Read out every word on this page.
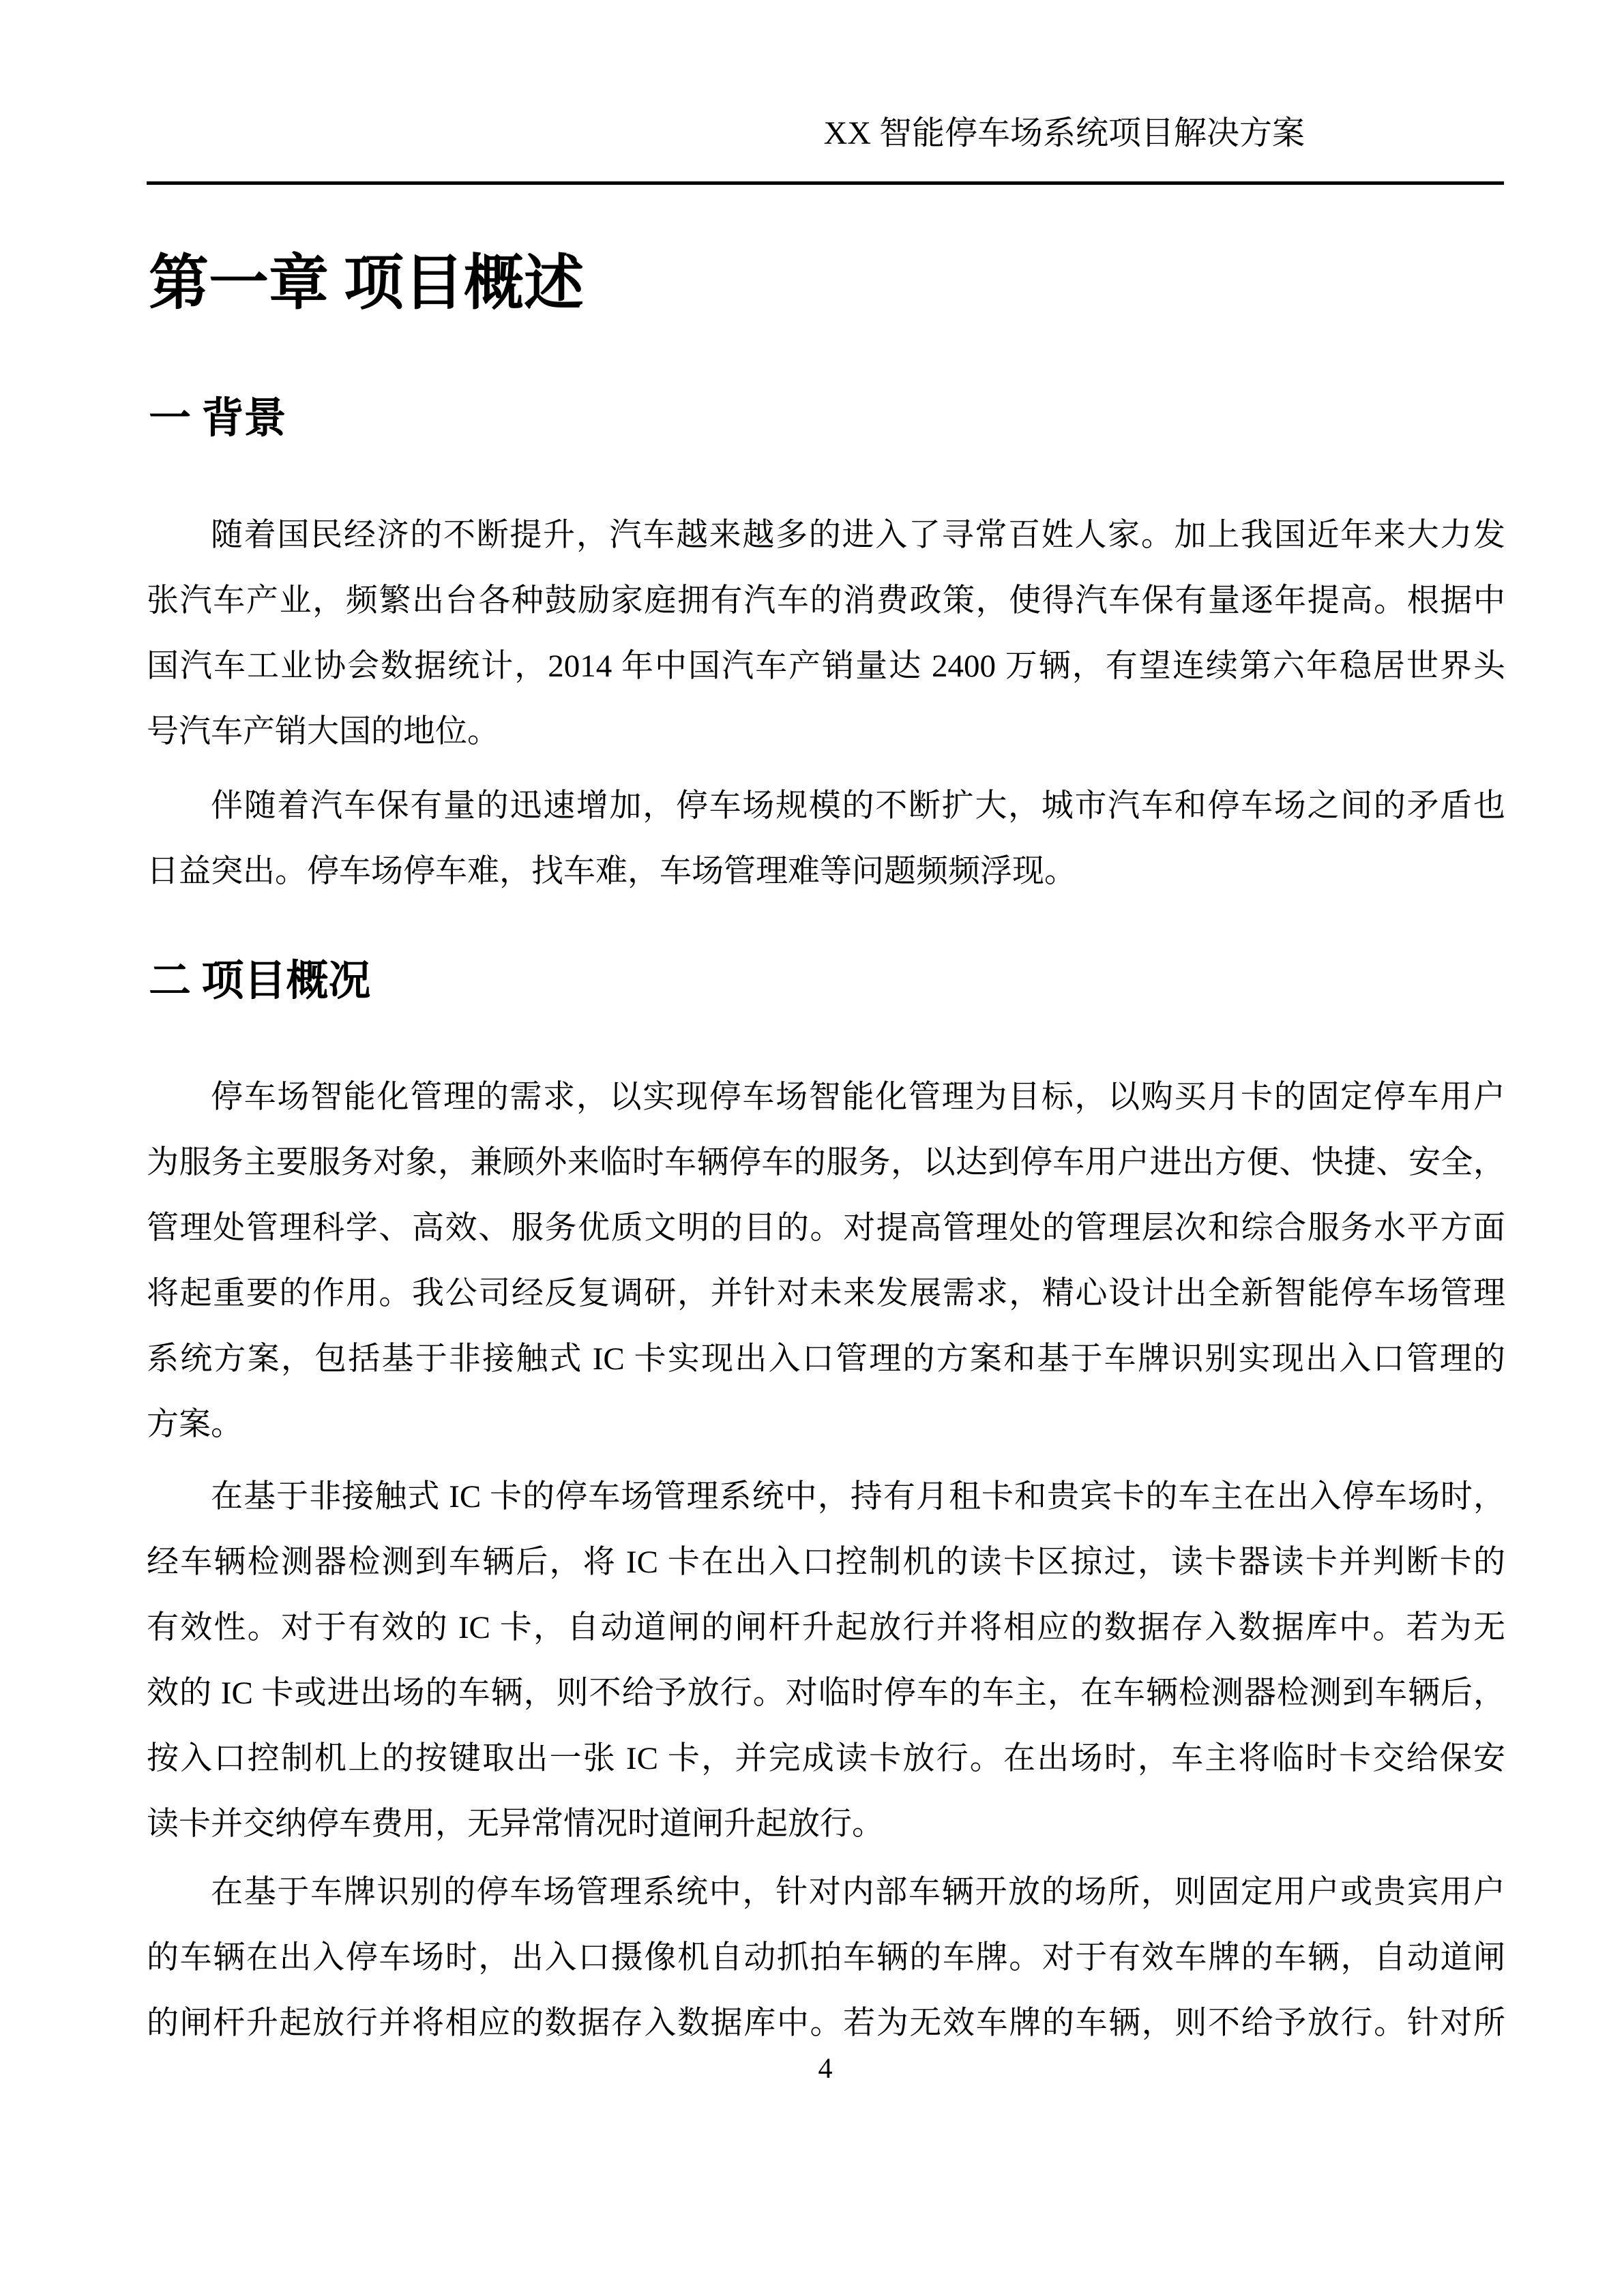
XX 智能停车场系统项目解决方案
第一章 项目概述
一 背景
随着国民经济的不断提升，汽车越来越多的进入了寻常百姓人家。加上我国近年来大力发
张汽车产业，频繁出台各种鼓励家庭拥有汽车的消费政策，使得汽车保有量逐年提高。根据中
国汽车工业协会数据统计，2014 年中国汽车产销量达 2400 万辆，有望连续第六年稳居世界头
号汽车产销大国的地位。
伴随着汽车保有量的迅速增加，停车场规模的不断扩大，城市汽车和停车场之间的矛盾也
日益突出。停车场停车难，找车难，车场管理难等问题频频浮现。
二 项目概况
停车场智能化管理的需求，以实现停车场智能化管理为目标，以购买月卡的固定停车用户
为服务主要服务对象，兼顾外来临时车辆停车的服务，以达到停车用户进出方便、快捷、安全，
管理处管理科学、高效、服务优质文明的目的。对提高管理处的管理层次和综合服务水平方面
将起重要的作用。我公司经反复调研，并针对未来发展需求，精心设计出全新智能停车场管理
系统方案，包括基于非接触式 IC 卡实现出入口管理的方案和基于车牌识别实现出入口管理的
方案。
在基于非接触式 IC 卡的停车场管理系统中，持有月租卡和贵宾卡的车主在出入停车场时，
经车辆检测器检测到车辆后，将 IC 卡在出入口控制机的读卡区掠过，读卡器读卡并判断卡的
有效性。对于有效的 IC 卡，自动道闸的闸杆升起放行并将相应的数据存入数据库中。若为无
效的 IC 卡或进出场的车辆，则不给予放行。对临时停车的车主，在车辆检测器检测到车辆后，
按入口控制机上的按键取出一张 IC 卡，并完成读卡放行。在出场时，车主将临时卡交给保安
读卡并交纳停车费用，无异常情况时道闸升起放行。
在基于车牌识别的停车场管理系统中，针对内部车辆开放的场所，则固定用户或贵宾用户
的车辆在出入停车场时，出入口摄像机自动抓拍车辆的车牌。对于有效车牌的车辆，自动道闸
的闸杆升起放行并将相应的数据存入数据库中。若为无效车牌的车辆，则不给予放行。针对所
4
